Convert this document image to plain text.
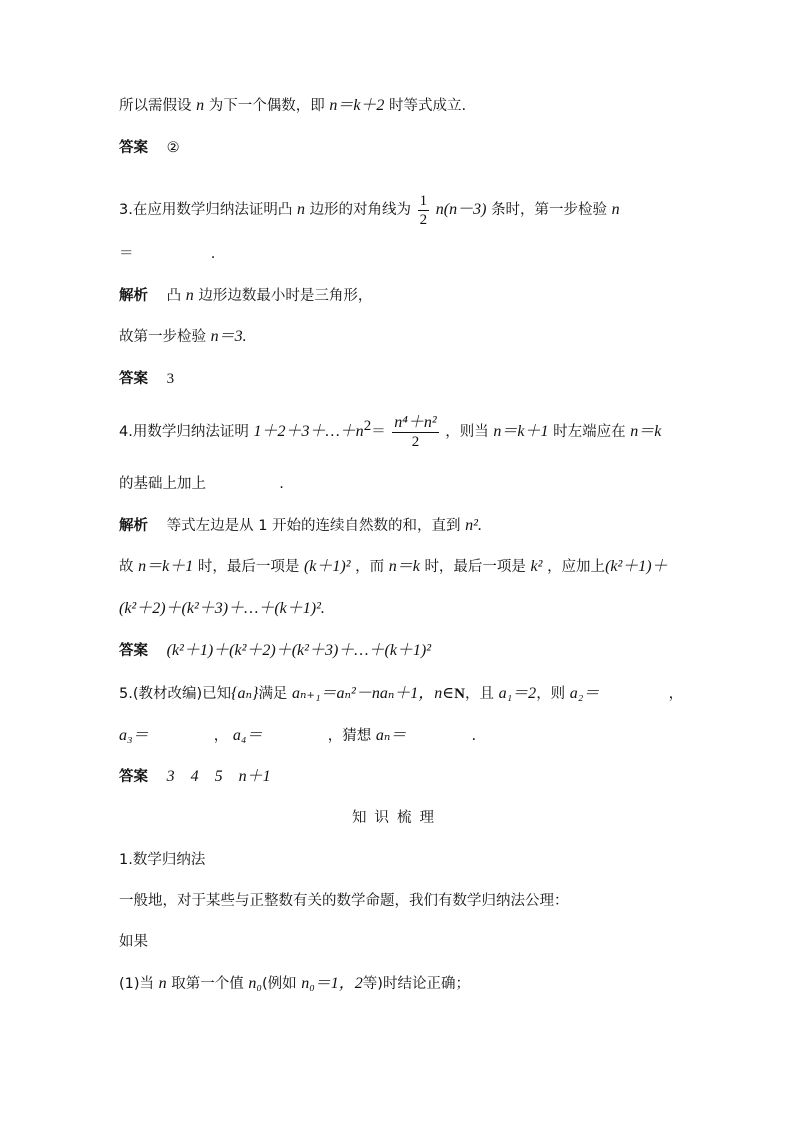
所以需假设 n 为下一个偶数，即 n＝k＋2 时等式成立.
答案 ②
3.在应用数学归纳法证明凸 n 边形的对角线为 $\frac{1}{2} n(n-3)$ 条时，第一步检验 n
＝	.
解析 凸 n 边形边数最小时是三角形，
故第一步检验 n＝3.
答案 3
4.用数学归纳法证明 $1+2+3+\dots+n^2= \frac{\text{n⁴＋n²}}{2}$ ，则当 n＝k＋1 时左端应在 n＝k
的基础上加上	.
解析 等式左边是从 1 开始的连续自然数的和，直到 n².
故 n＝k＋1 时，最后一项是 (k＋1)² ，而 n＝k 时，最后一项是 k² ，应加上(k²＋1)＋
(k²＋2)＋(k²＋3)＋…＋(k＋1)².
答案 (k²＋1)＋(k²＋2)＋(k²＋3)＋…＋(k＋1)²
5.(教材改编)已知{aₙ}满足 aₙ₊₁＝aₙ²－naₙ＋1，n∈N，且 a₁＝2，则 a₂＝	，
a₃＝	， a₄＝	，猜想 aₙ＝	.
答案 3　4　5　n＋1
知识梳理
1.数学归纳法
一般地，对于某些与正整数有关的数学命题，我们有数学归纳法公理：
如果
(1)当 n 取第一个值 n₀(例如 n₀＝1，2等)时结论正确；
